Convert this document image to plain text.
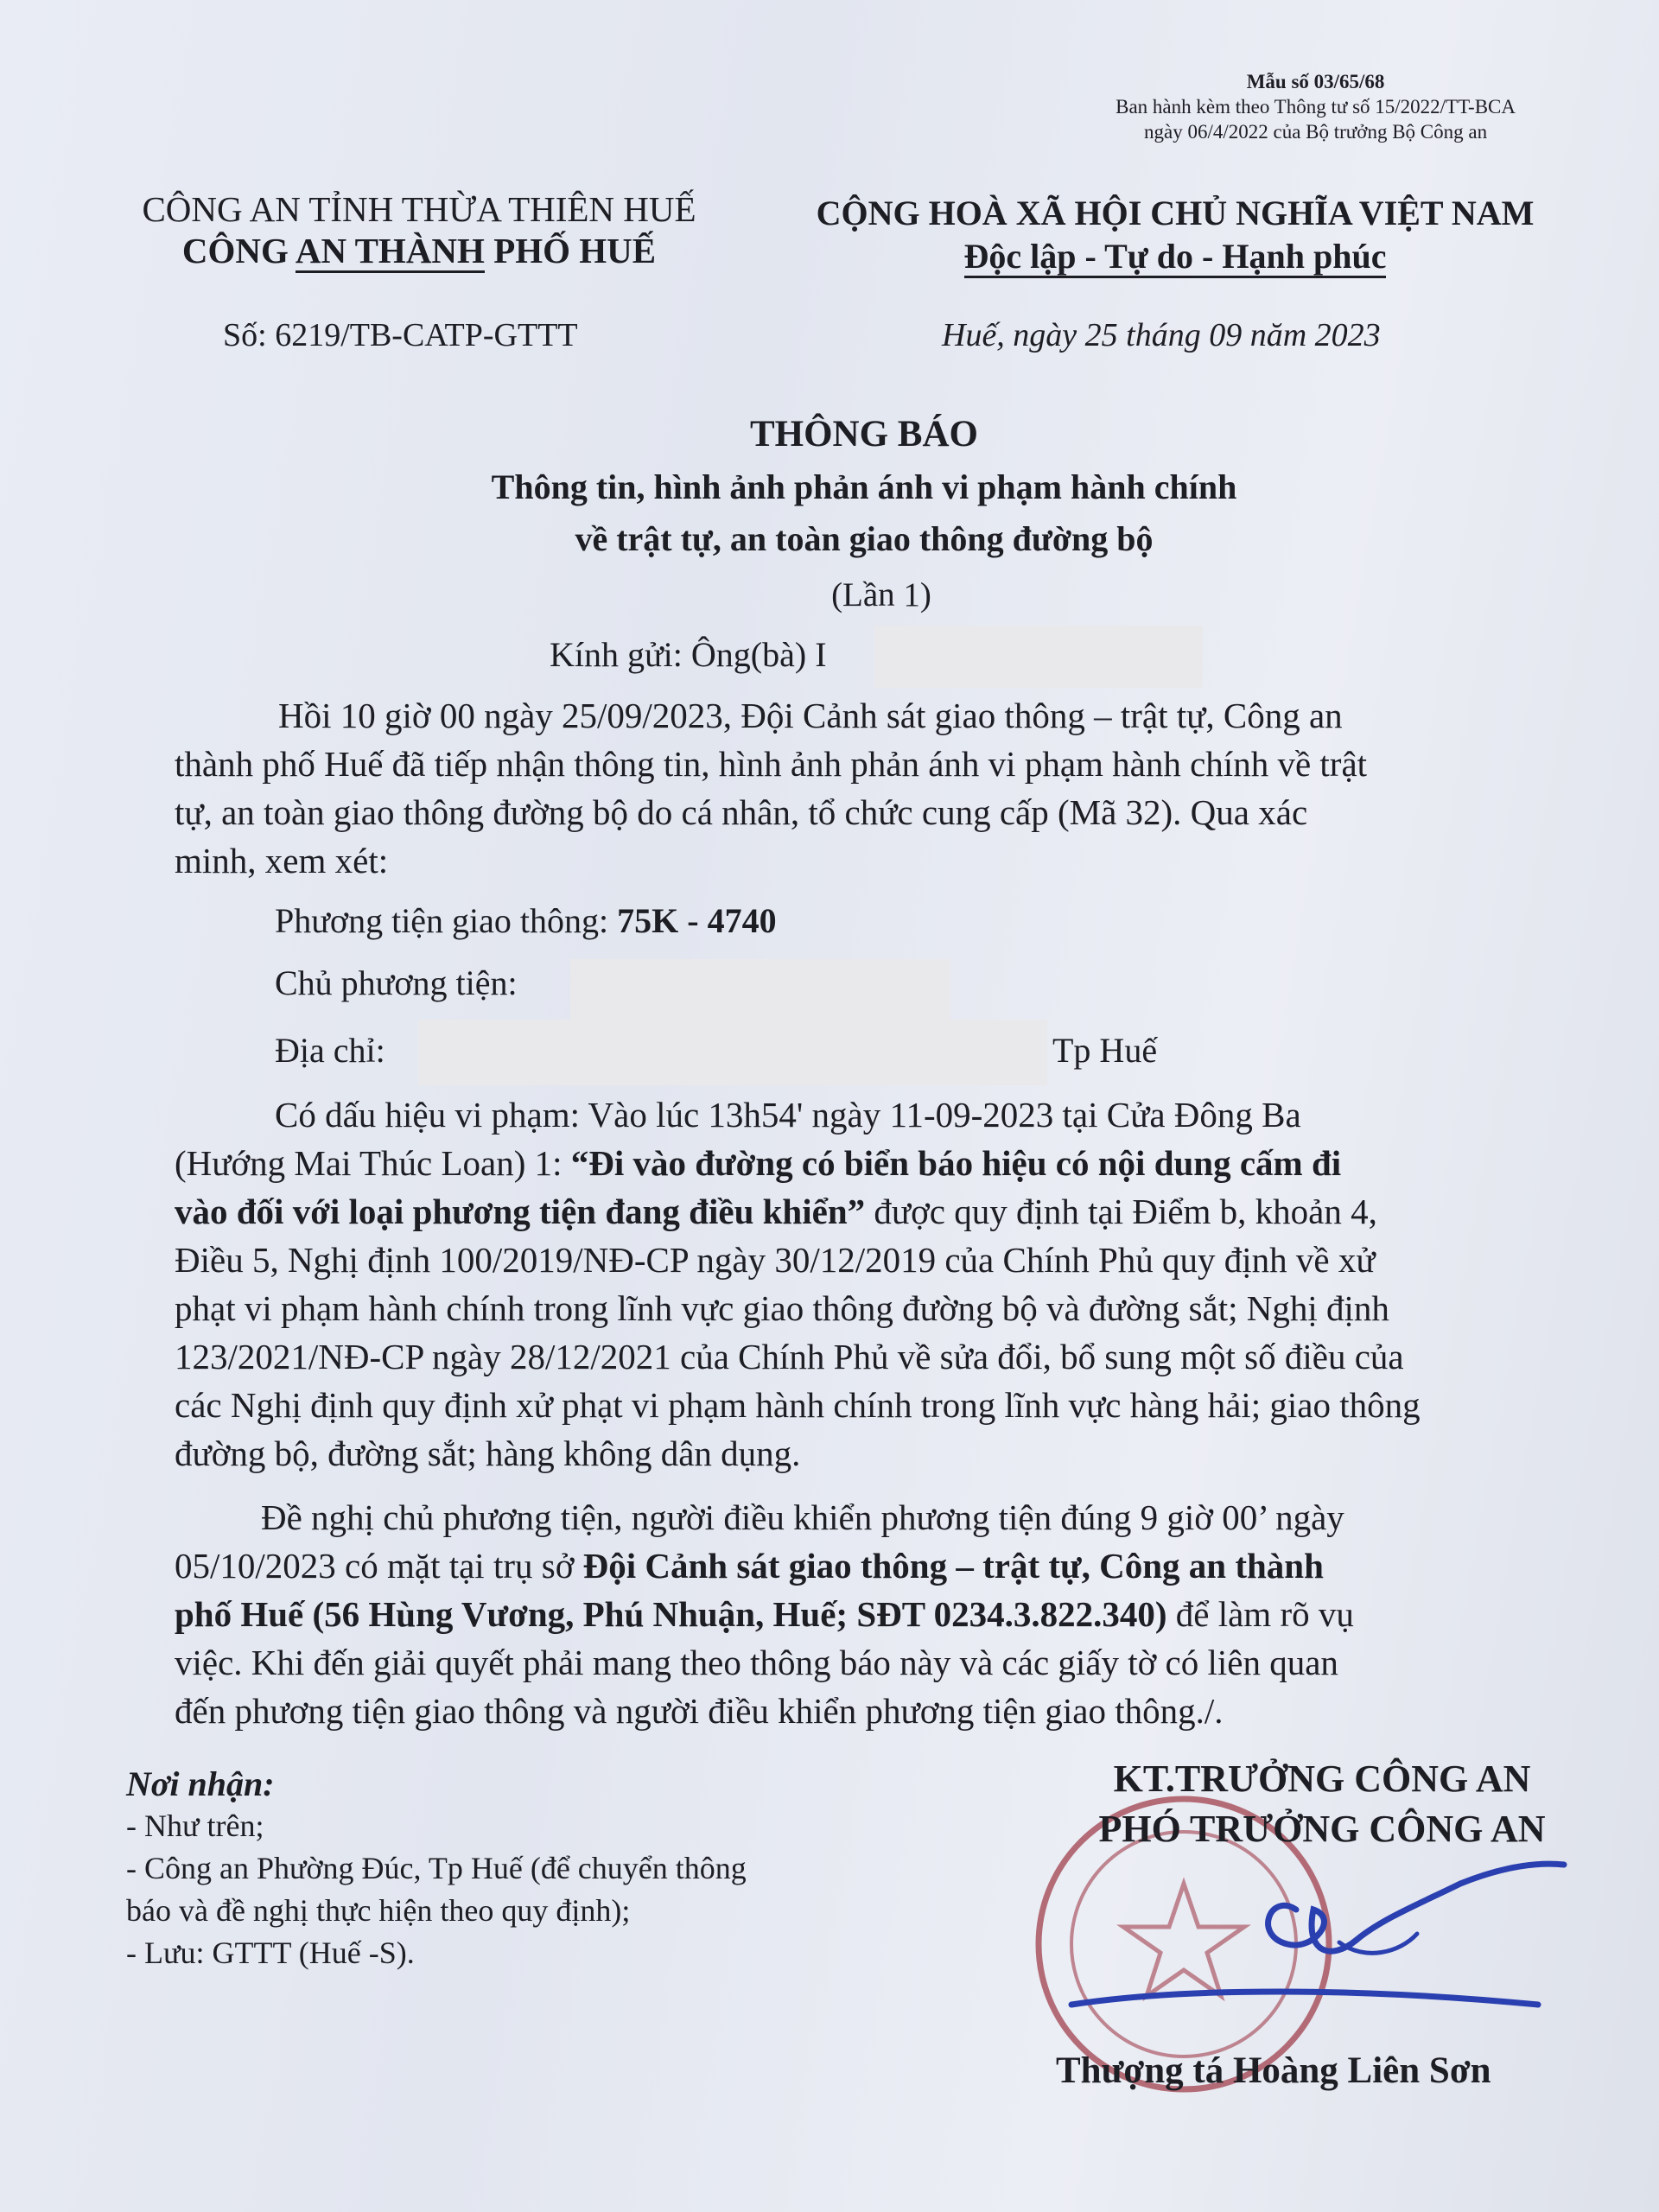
Mẫu số 03/65/68
Ban hành kèm theo Thông tư số 15/2022/TT-BCA
ngày 06/4/2022 của Bộ trưởng Bộ Công an
CÔNG AN TỈNH THỪA THIÊN HUẾ
CÔNG AN THÀNH PHỐ HUẾ
CỘNG HOÀ XÃ HỘI CHỦ NGHĨA VIỆT NAM
Độc lập - Tự do - Hạnh phúc
Số: 6219/TB-CATP-GTTT	Huế, ngày 25 tháng 09 năm 2023
THÔNG BÁO
Thông tin, hình ảnh phản ánh vi phạm hành chính
về trật tự, an toàn giao thông đường bộ
(Lần 1)
Kính gửi: Ông(bà) I
Hồi 10 giờ 00 ngày 25/09/2023, Đội Cảnh sát giao thông – trật tự, Công an
thành phố Huế đã tiếp nhận thông tin, hình ảnh phản ánh vi phạm hành chính về trật
tự, an toàn giao thông đường bộ do cá nhân, tổ chức cung cấp (Mã 32). Qua xác
minh, xem xét:
Phương tiện giao thông: 75K - 4740
Chủ phương tiện:
Địa chỉ:	Tp Huế
Có dấu hiệu vi phạm: Vào lúc 13h54' ngày 11-09-2023 tại Cửa Đông Ba
(Hướng Mai Thúc Loan) 1: “Đi vào đường có biển báo hiệu có nội dung cấm đi
vào đối với loại phương tiện đang điều khiển” được quy định tại Điểm b, khoản 4,
Điều 5, Nghị định 100/2019/NĐ-CP ngày 30/12/2019 của Chính Phủ quy định về xử
phạt vi phạm hành chính trong lĩnh vực giao thông đường bộ và đường sắt; Nghị định
123/2021/NĐ-CP ngày 28/12/2021 của Chính Phủ về sửa đổi, bổ sung một số điều của
các Nghị định quy định xử phạt vi phạm hành chính trong lĩnh vực hàng hải; giao thông
đường bộ, đường sắt; hàng không dân dụng.
Đề nghị chủ phương tiện, người điều khiển phương tiện đúng 9 giờ 00’ ngày
05/10/2023 có mặt tại trụ sở Đội Cảnh sát giao thông – trật tự, Công an thành
phố Huế (56 Hùng Vương, Phú Nhuận, Huế; SĐT 0234.3.822.340) để làm rõ vụ
việc. Khi đến giải quyết phải mang theo thông báo này và các giấy tờ có liên quan
đến phương tiện giao thông và người điều khiển phương tiện giao thông./.
Nơi nhận:
- Như trên;
- Công an Phường Đúc, Tp Huế (để chuyển thông
báo và đề nghị thực hiện theo quy định);
- Lưu: GTTT (Huế -S).
KT.TRƯỞNG CÔNG AN
PHÓ TRƯỞNG CÔNG AN
Thượng tá Hoàng Liên Sơn
